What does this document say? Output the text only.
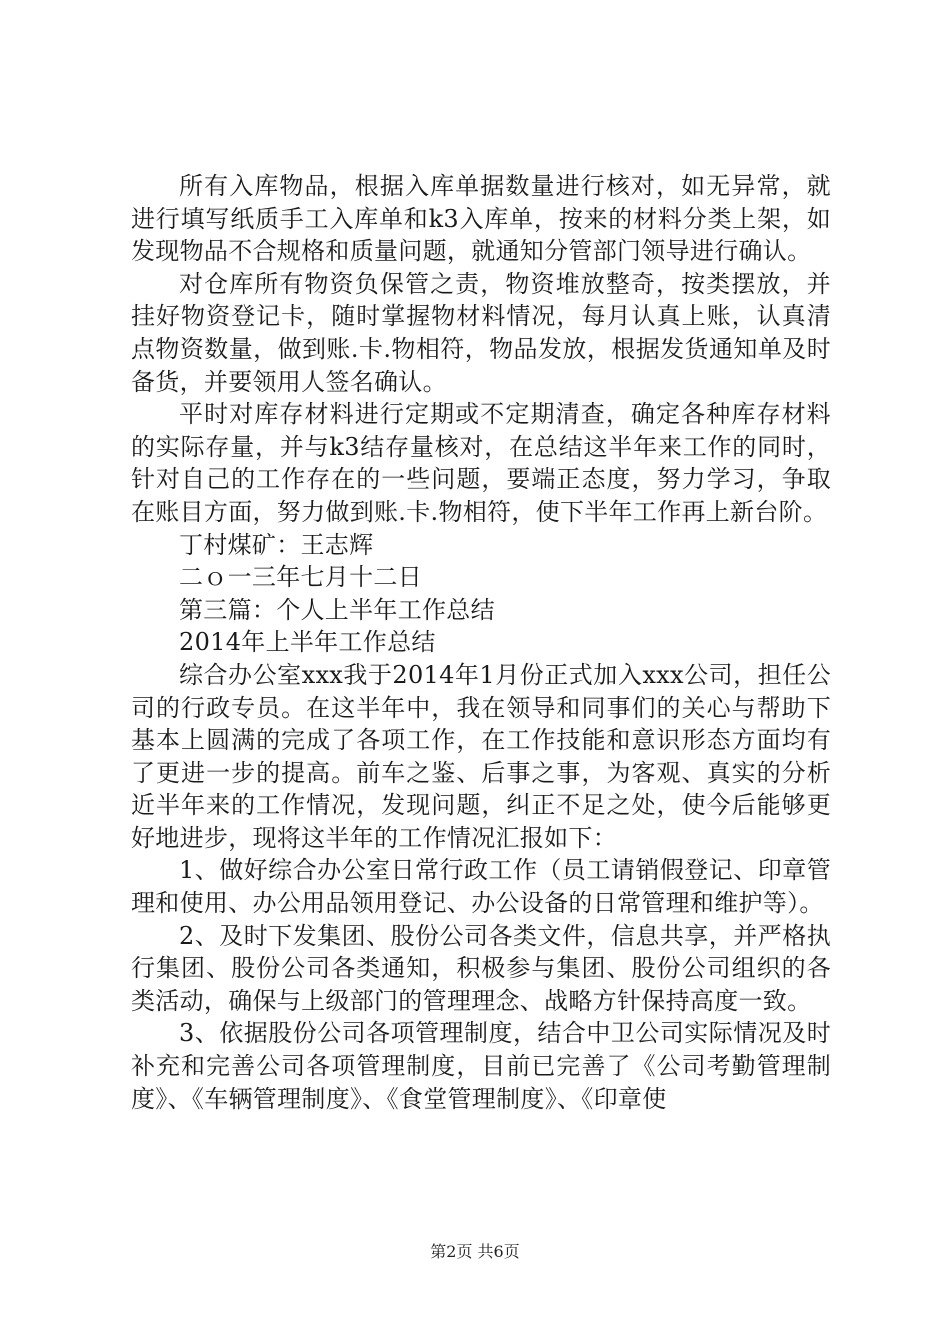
所有入库物品，根据入库单据数量进行核对，如无异常，就进行填写纸质手工入库单和k3入库单，按来的材料分类上架，如发现物品不合规格和质量问题，就通知分管部门领导进行确认。

对仓库所有物资负保管之责，物资堆放整奇，按类摆放，并挂好物资登记卡，随时掌握物材料情况，每月认真上账，认真清点物资数量，做到账.卡.物相符，物品发放，根据发货通知单及时备货，并要领用人签名确认。

平时对库存材料进行定期或不定期清查，确定各种库存材料的实际存量，并与k3结存量核对，在总结这半年来工作的同时，针对自己的工作存在的一些问题，要端正态度，努力学习，争取在账目方面，努力做到账.卡.物相符，使下半年工作再上新台阶。

丁村煤矿：王志辉

二ｏ一三年七月十二日

第三篇：个人上半年工作总结

2014年上半年工作总结

综合办公室xxx我于2014年1月份正式加入xxx公司，担任公司的行政专员。在这半年中，我在领导和同事们的关心与帮助下基本上圆满的完成了各项工作，在工作技能和意识形态方面均有了更进一步的提高。前车之鉴、后事之事，为客观、真实的分析近半年来的工作情况，发现问题，纠正不足之处，使今后能够更好地进步，现将这半年的工作情况汇报如下：

1、做好综合办公室日常行政工作（员工请销假登记、印章管理和使用、办公用品领用登记、办公设备的日常管理和维护等）。

2、及时下发集团、股份公司各类文件，信息共享，并严格执行集团、股份公司各类通知，积极参与集团、股份公司组织的各类活动，确保与上级部门的管理理念、战略方针保持高度一致。

3、依据股份公司各项管理制度，结合中卫公司实际情况及时补充和完善公司各项管理制度，目前已完善了《公司考勤管理制度》、《车辆管理制度》、《食堂管理制度》、《印章使

第2页 共6页
